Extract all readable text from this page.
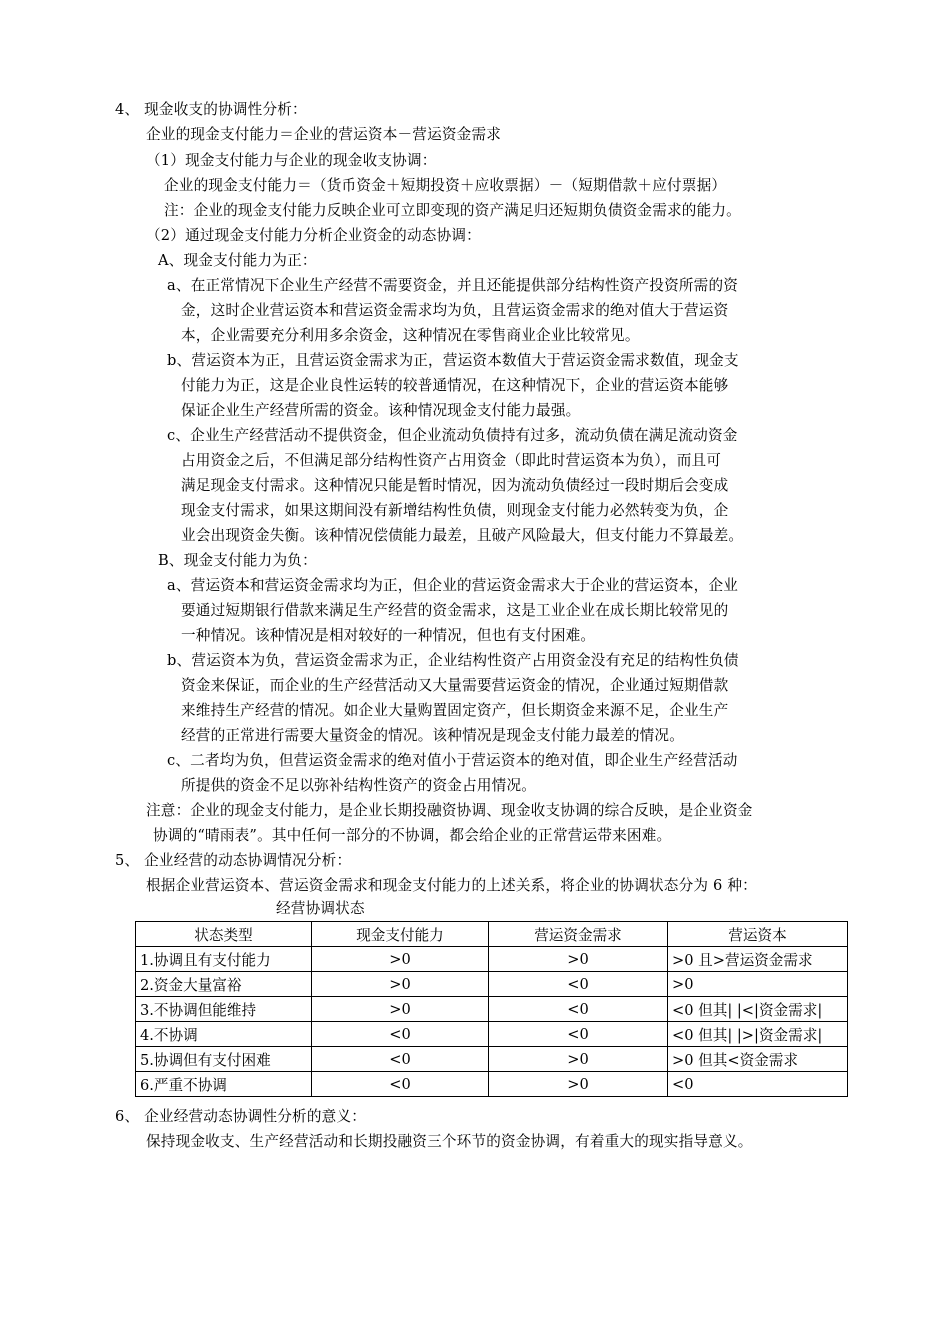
4、 现金收支的协调性分析：
企业的现金支付能力＝企业的营运资本－营运资金需求
（1）现金支付能力与企业的现金收支协调：
企业的现金支付能力＝（货币资金＋短期投资＋应收票据）－（短期借款＋应付票据）
注：企业的现金支付能力反映企业可立即变现的资产满足归还短期负债资金需求的能力。
（2）通过现金支付能力分析企业资金的动态协调：
A、现金支付能力为正：
a、在正常情况下企业生产经营不需要资金，并且还能提供部分结构性资产投资所需的资
金，这时企业营运资本和营运资金需求均为负，且营运资金需求的绝对值大于营运资
本，企业需要充分利用多余资金，这种情况在零售商业企业比较常见。
b、营运资本为正，且营运资金需求为正，营运资本数值大于营运资金需求数值，现金支
付能力为正，这是企业良性运转的较普通情况，在这种情况下，企业的营运资本能够
保证企业生产经营所需的资金。该种情况现金支付能力最强。
c、企业生产经营活动不提供资金，但企业流动负债持有过多，流动负债在满足流动资金
占用资金之后，不但满足部分结构性资产占用资金（即此时营运资本为负），而且可
满足现金支付需求。这种情况只能是暂时情况，因为流动负债经过一段时期后会变成
现金支付需求，如果这期间没有新增结构性负债，则现金支付能力必然转变为负，企
业会出现资金失衡。该种情况偿债能力最差，且破产风险最大，但支付能力不算最差。
B、现金支付能力为负：
a、营运资本和营运资金需求均为正，但企业的营运资金需求大于企业的营运资本，企业
要通过短期银行借款来满足生产经营的资金需求，这是工业企业在成长期比较常见的
一种情况。该种情况是相对较好的一种情况，但也有支付困难。
b、营运资本为负，营运资金需求为正，企业结构性资产占用资金没有充足的结构性负债
资金来保证，而企业的生产经营活动又大量需要营运资金的情况，企业通过短期借款
来维持生产经营的情况。如企业大量购置固定资产，但长期资金来源不足，企业生产
经营的正常进行需要大量资金的情况。该种情况是现金支付能力最差的情况。
c、二者均为负，但营运资金需求的绝对值小于营运资本的绝对值，即企业生产经营活动
所提供的资金不足以弥补结构性资产的资金占用情况。
注意：企业的现金支付能力，是企业长期投融资协调、现金收支协调的综合反映，是企业资金
协调的“晴雨表”。其中任何一部分的不协调，都会给企业的正常营运带来困难。
5、 企业经营的动态协调情况分析：
根据企业营运资本、营运资金需求和现金支付能力的上述关系，将企业的协调状态分为 6 种：
经营协调状态
状态类型	现金支付能力	营运资金需求	营运资本
1.协调且有支付能力	>0	>0	>0 且>营运资金需求
2.资金大量富裕	>0	<0	>0
3.不协调但能维持	>0	<0	<0 但其| |<|资金需求|
4.不协调	<0	<0	<0 但其| |>|资金需求|
5.协调但有支付困难	<0	>0	>0 但其<资金需求
6.严重不协调	<0	>0	<0
6、 企业经营动态协调性分析的意义：
保持现金收支、生产经营活动和长期投融资三个环节的资金协调，有着重大的现实指导意义。
